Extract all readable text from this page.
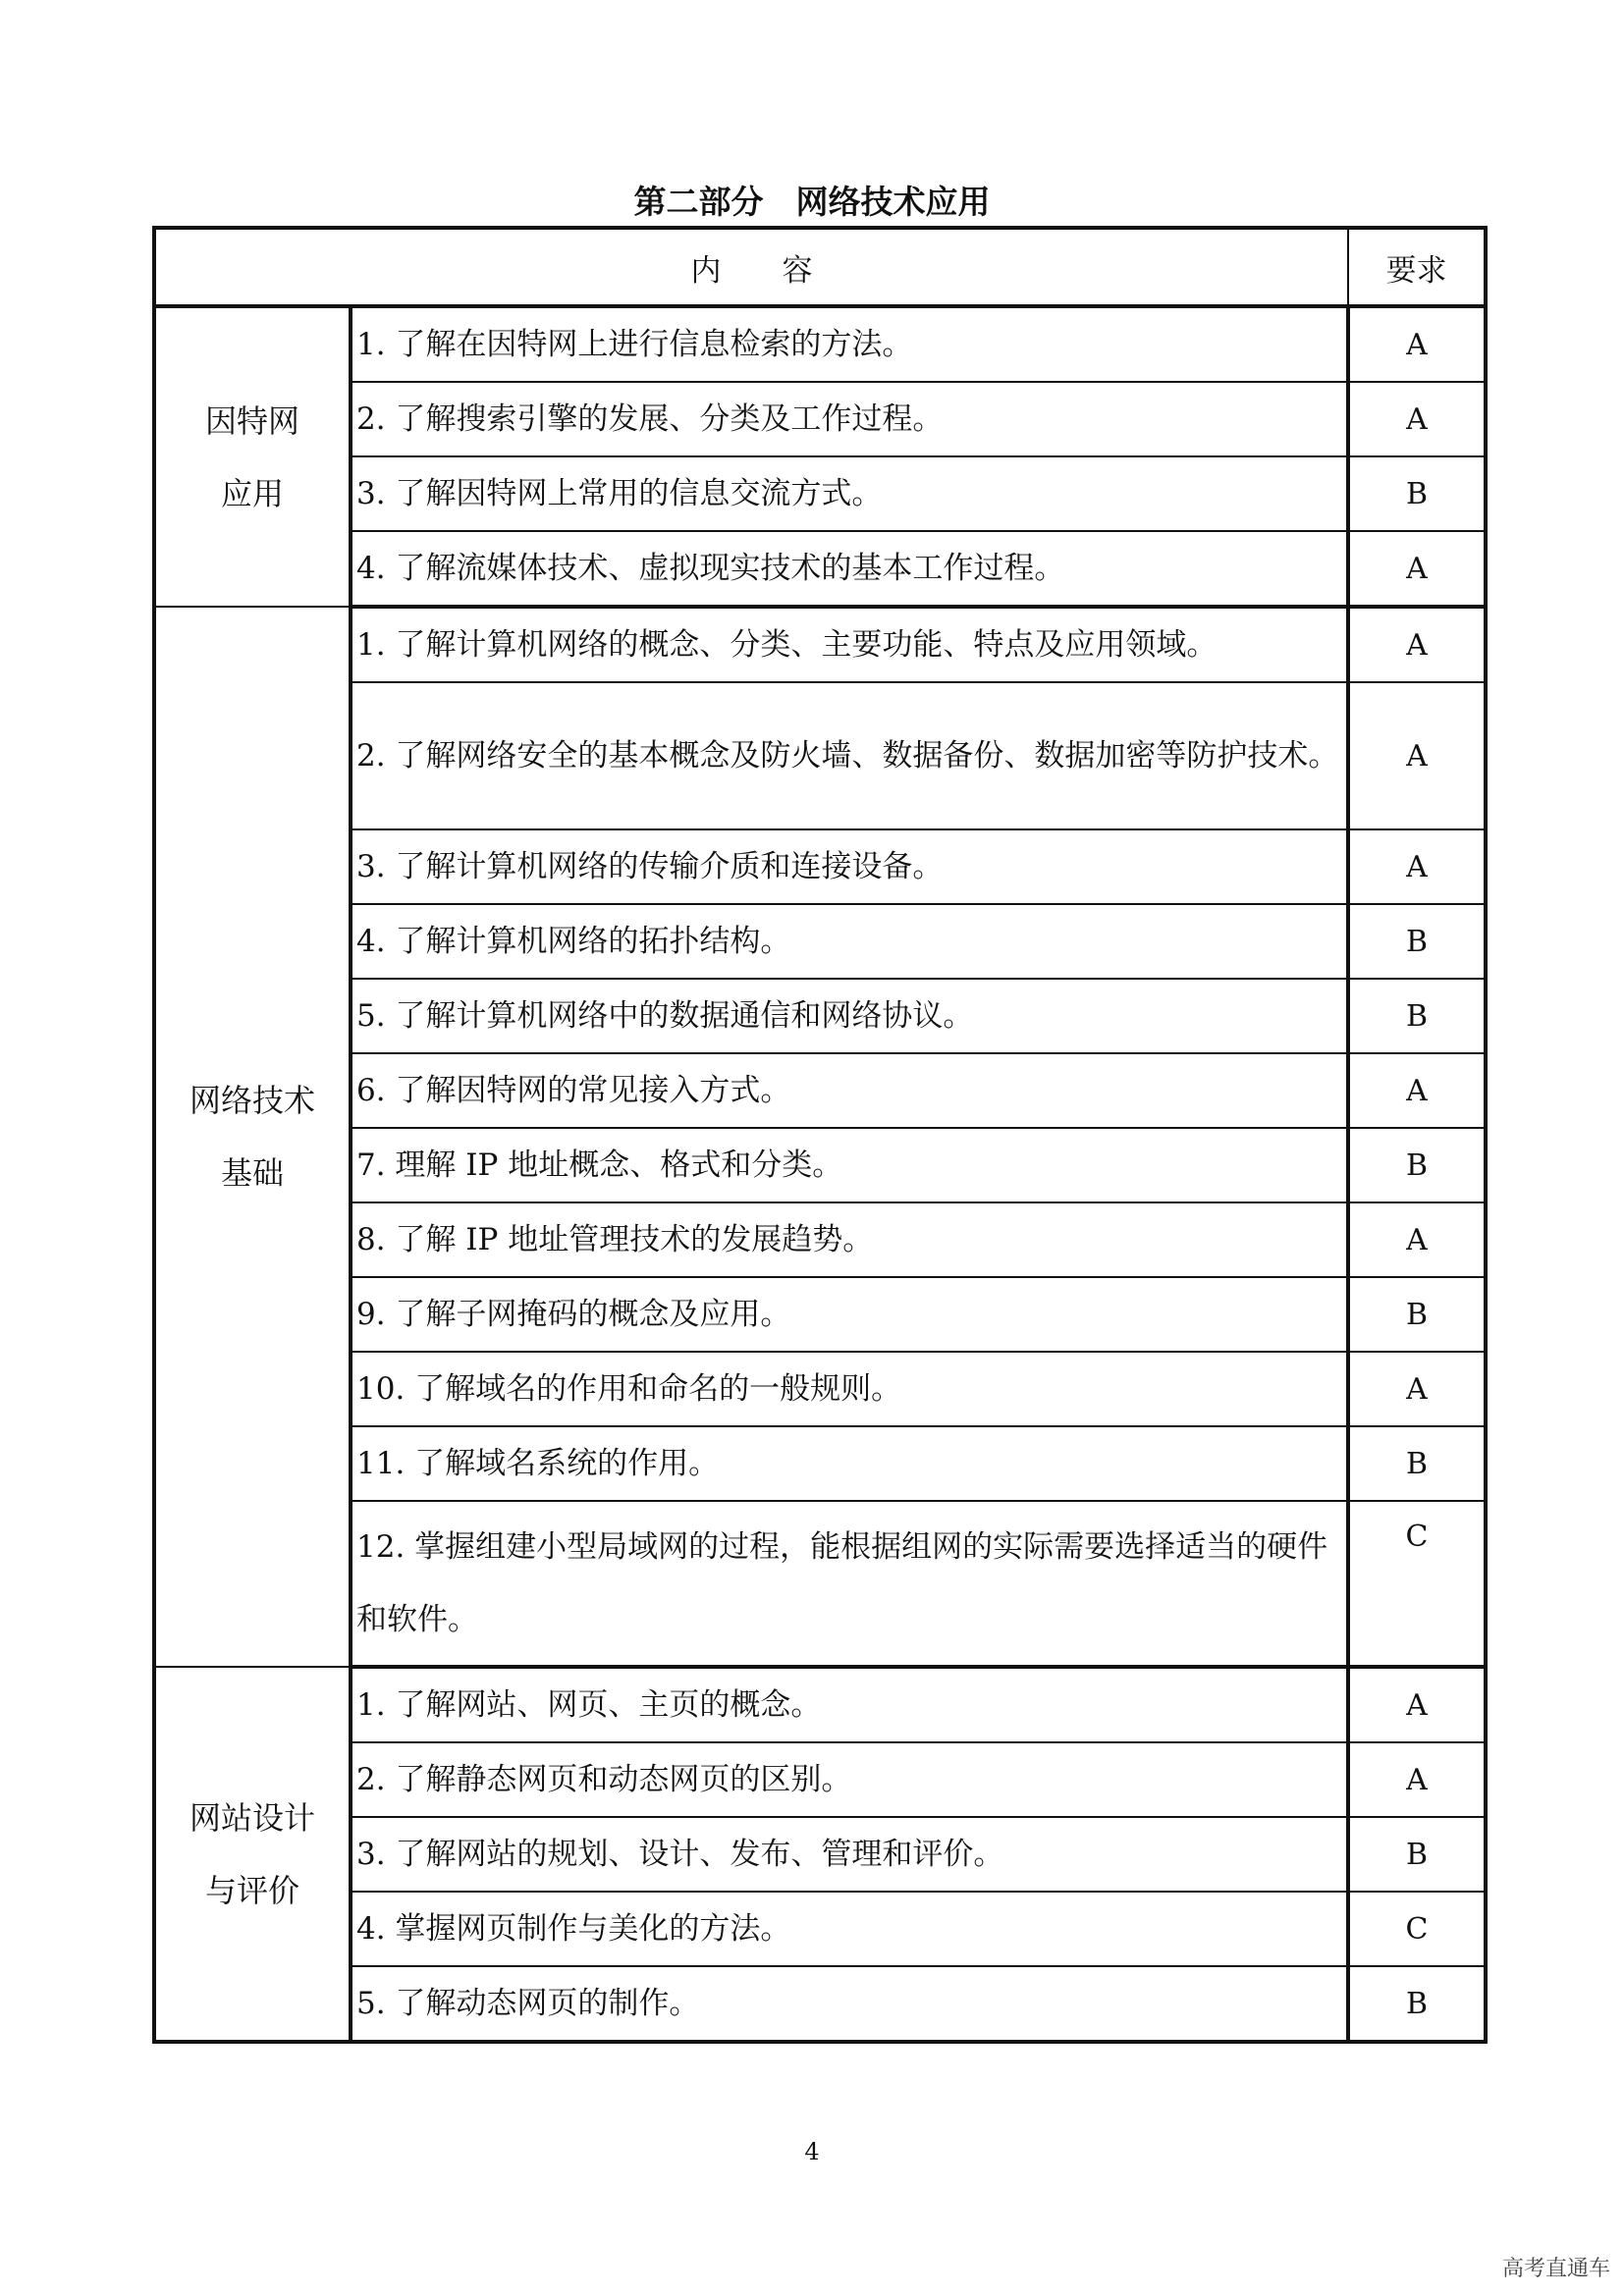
第二部分　网络技术应用
内　　容		要求

因特网
应用	1. 了解在因特网上进行信息检索的方法。	A
	2. 了解搜索引擎的发展、分类及工作过程。	A
	3. 了解因特网上常用的信息交流方式。	B
	4. 了解流媒体技术、虚拟现实技术的基本工作过程。	A

网络技术
基础	1. 了解计算机网络的概念、分类、主要功能、特点及应用领域。	A
	2. 了解网络安全的基本概念及防火墙、数据备份、数据加密等防护技术。	A
	3. 了解计算机网络的传输介质和连接设备。	A
	4. 了解计算机网络的拓扑结构。	B
	5. 了解计算机网络中的数据通信和网络协议。	B
	6. 了解因特网的常见接入方式。	A
	7. 理解 IP 地址概念、格式和分类。	B
	8. 了解 IP 地址管理技术的发展趋势。	A
	9. 了解子网掩码的概念及应用。	B
	10. 了解域名的作用和命名的一般规则。	A
	11. 了解域名系统的作用。	B
	12. 掌握组建小型局域网的过程，能根据组网的实际需要选择适当的硬件和软件。	C

网站设计
与评价	1. 了解网站、网页、主页的概念。	A
	2. 了解静态网页和动态网页的区别。	A
	3. 了解网站的规划、设计、发布、管理和评价。	B
	4. 掌握网页制作与美化的方法。	C
	5. 了解动态网页的制作。	B
4
高考直通车
